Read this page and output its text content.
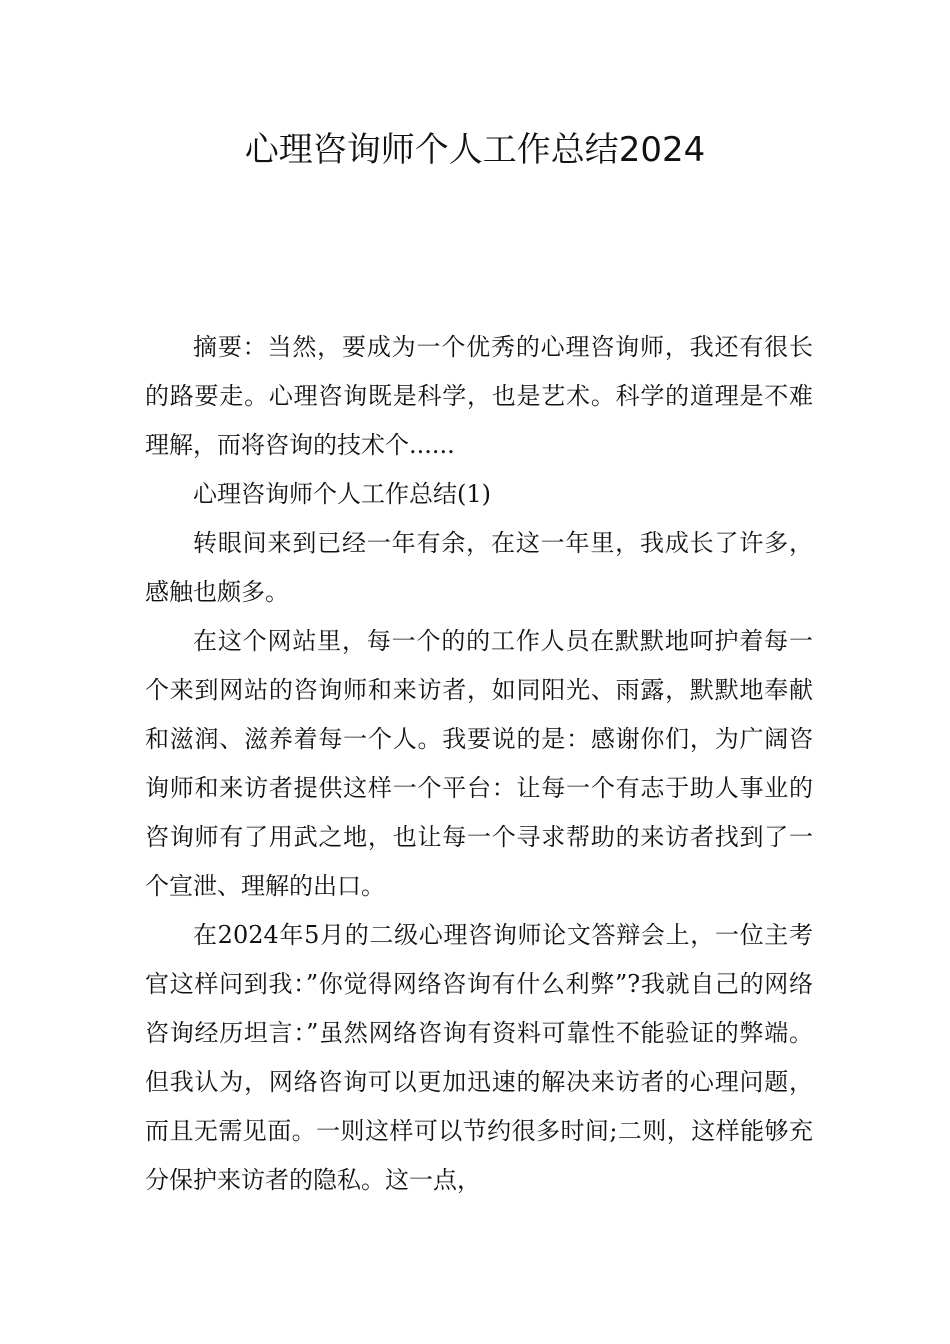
心理咨询师个人工作总结2024

摘要：当然，要成为一个优秀的心理咨询师，我还有很长的路要走。心理咨询既是科学，也是艺术。科学的道理是不难理解，而将咨询的技术个......

心理咨询师个人工作总结(1)

转眼间来到已经一年有余，在这一年里，我成长了许多，感触也颇多。

在这个网站里，每一个的的工作人员在默默地呵护着每一个来到网站的咨询师和来访者，如同阳光、雨露，默默地奉献和滋润、滋养着每一个人。我要说的是：感谢你们，为广阔咨询师和来访者提供这样一个平台：让每一个有志于助人事业的咨询师有了用武之地，也让每一个寻求帮助的来访者找到了一个宣泄、理解的出口。

在2024年5月的二级心理咨询师论文答辩会上，一位主考官这样问到我：”你觉得网络咨询有什么利弊”?我就自己的网络咨询经历坦言：”虽然网络咨询有资料可靠性不能验证的弊端。但我认为，网络咨询可以更加迅速的解决来访者的心理问题，而且无需见面。一则这样可以节约很多时间;二则，这样能够充分保护来访者的隐私。这一点，
